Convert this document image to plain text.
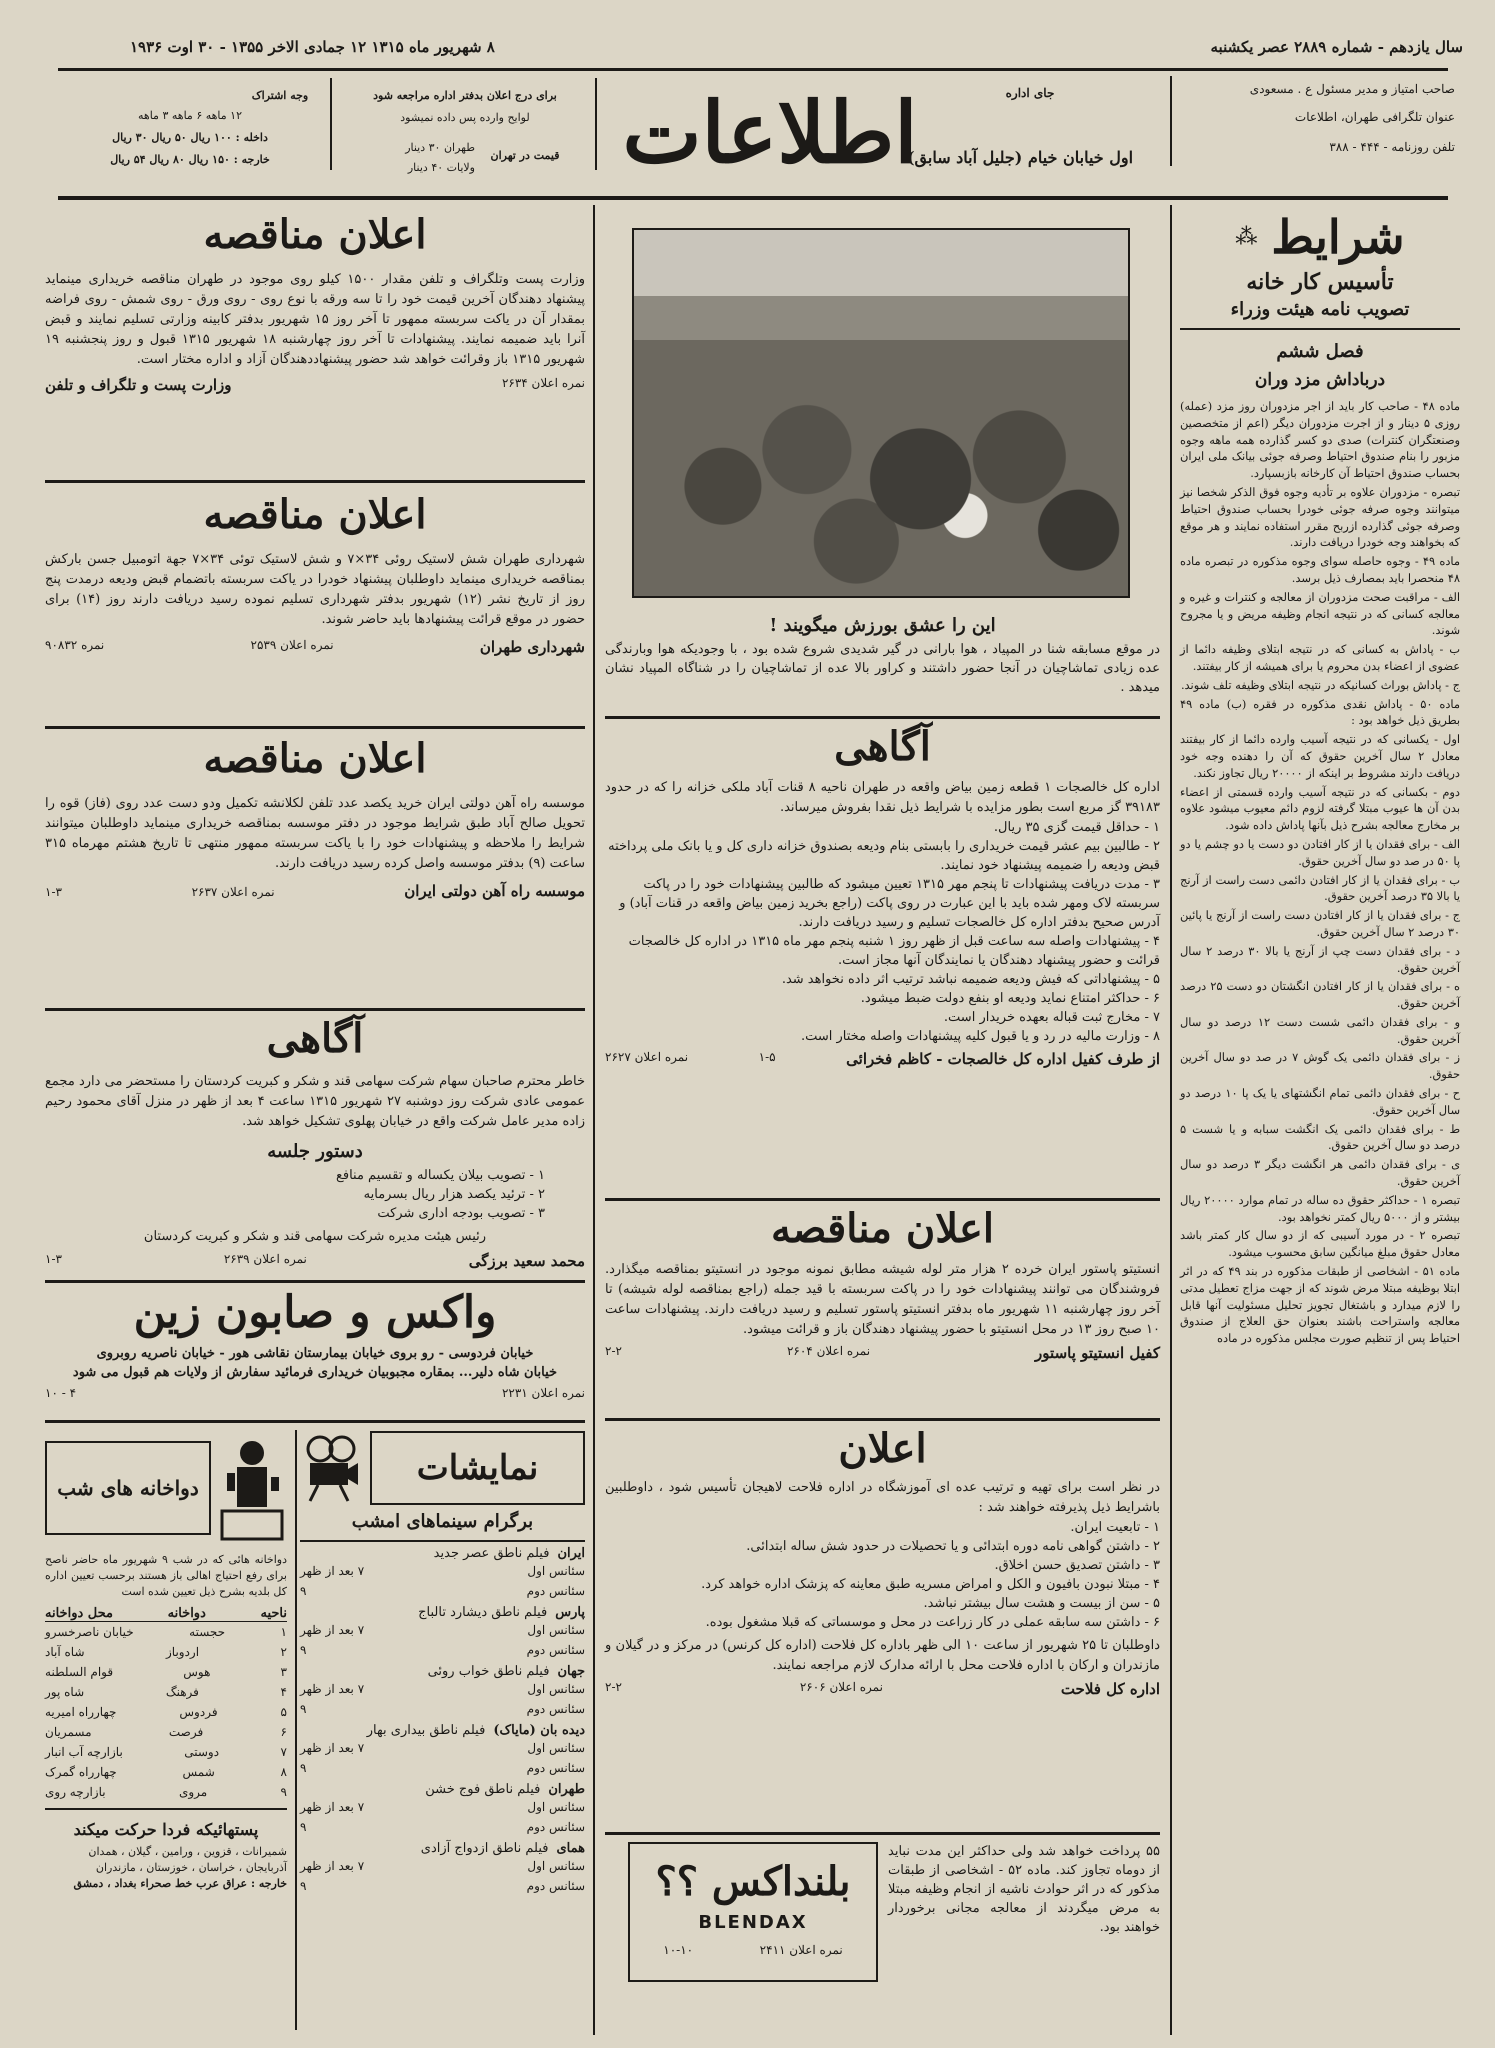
سال یازدهم - شماره ۲۸۸۹ عصر یکشنبه
۸ شهریور ماه ۱۳۱۵ ۱۲ جمادی الاخر ۱۳۵۵ - ۳۰ اوت ۱۹۳۶
صاحب امتیاز و مدیر مسئول ع . مسعودی
عنوان تلگرافی طهران، اطلاعات
تلفن روزنامه - ۴۴۴ - ۳۸۸
جای اداره
اول خیابان خیام (جلیل آباد سابق)
اطلاعات
برای درج اعلان بدفتر اداره مراجعه شود
لوایح وارده پس داده نمیشود
طهران ۳۰ دینار
ولایات ۴۰ دینار
قیمت در تهران
وجه اشتراک
۱۲ ماهه ۶ ماهه ۳ ماهه
داخله : ۱۰۰ ریال ۵۰ ریال ۳۰ ریال
خارجه : ۱۵۰ ریال ۸۰ ریال ۵۴ ریال
اعلان مناقصه
وزارت پست وتلگراف و تلفن مقدار ۱۵۰۰ کیلو روی موجود در طهران مناقصه خریداری مینماید پیشنهاد دهندگان آخرین قیمت خود را تا سه ورقه با نوع روی - روی ورق - روی شمش - روی فراضه بمقدار آن در یاکت سربسته ممهور تا آخر روز ۱۵ شهریور بدفتر کابینه وزارتی تسلیم نمایند و قبض آنرا باید ضمیمه نمایند. پیشنهادات تا آخر روز چهارشنبه ۱۸ شهریور ۱۳۱۵ قبول و روز پنجشنبه ۱۹ شهریور ۱۳۱۵ باز وقرائت خواهد شد حضور پیشنهاددهندگان آزاد و اداره مختار است.
نمره اعلان ۲۶۳۴
وزارت پست و تلگراف و تلفن
اعلان مناقصه
شهرداری طهران شش لاستیک روئی ۳۴×۷ و شش لاستیک توئی ۳۴×۷ جهة اتومبیل جسن بارکش بمناقصه خریداری مینماید داوطلبان پیشنهاد خودرا در یاکت سربسته باتضمام قبض ودیعه درمدت پنج روز از تاریخ نشر (۱۲) شهریور بدفتر شهرداری تسلیم نموده رسید دریافت دارند روز (۱۴) برای حضور در موقع قرائت پیشنهادها باید حاضر شوند.
شهرداری طهران
نمره اعلان ۲۵۳۹
نمره ۹۰۸۳۲
اعلان مناقصه
موسسه راه آهن دولتی ایران خرید یکصد عدد تلفن لکلانشه تکمیل ودو دست عدد روی (فاز) قوه را تحویل صالح آباد طبق شرایط موجود در دفتر موسسه بمناقصه خریداری مینماید داوطلبان میتوانند شرایط را ملاحظه و پیشنهادات خود را با یاکت سربسته ممهور منتهی تا تاریخ هشتم مهرماه ۳۱۵ ساعت (۹) بدفتر موسسه واصل کرده رسید دریافت دارند.
موسسه راه آهن دولتی ایران
نمره اعلان ۲۶۳۷
۱-۳
آگاهی
خاطر محترم صاحبان سهام شرکت سهامی قند و شکر و کبریت کردستان را مستحضر می دارد مجمع عمومی عادی شرکت روز دوشنبه ۲۷ شهریور ۱۳۱۵ ساعت ۴ بعد از ظهر در منزل آقای محمود رحیم زاده مدیر عامل شرکت واقع در خیابان پهلوی تشکیل خواهد شد.
دستور جلسه
۱ - تصویب بیلان یکساله و تقسیم منافع
۲ - ترئید یکصد هزار ریال بسرمایه
۳ - تصویب بودجه اداری شرکت
رئیس هیئت مدیره شرکت سهامی قند و شکر و کبریت کردستان
محمد سعید برزگی
نمره اعلان ۲۶۳۹
۱-۳
واکس و صابون زین
خیابان فردوسی - رو بروی خیابان بیمارستان نقاشی هور - خیابان ناصریه روبروی
خیابان شاه دلیر... بمقاره مجبوبیان خریداری فرمائید سفارش از ولایات هم قبول می شود
نمره اعلان ۲۲۳۱
۴ - ۱۰
نمایشات
برگرام سینماهای امشب
ایران
فیلم ناطق عصر جدید
سئانس اول
۷ بعد از ظهر
سئانس دوم
۹
پارس
فیلم ناطق دیشارد تالباج
سئانس اول
۷ بعد از ظهر
سئانس دوم
۹
جهان
فیلم ناطق خواب روئی
سئانس اول
۷ بعد از ظهر
سئانس دوم
۹
دیده بان (مایاک)
فیلم ناطق بیداری بهار
سئانس اول
۷ بعد از ظهر
سئانس دوم
۹
طهران
فیلم ناطق فوج خشن
سئانس اول
۷ بعد از ظهر
سئانس دوم
۹
همای
فیلم ناطق ازدواج آزادی
سئانس اول
۷ بعد از ظهر
سئانس دوم
۹
دواخانه های شب
دواخانه هائی که در شب ۹ شهریور ماه حاضر ناصح برای رفع احتیاج اهالی باز هستند برحسب تعیین اداره کل بلدیه بشرح ذیل تعیین شده است
ناحیه
دواخانه
محل دواخانه
۱
حجسته
خیابان ناصرخسرو
۲
اردوباز
شاه آباد
۳
هوس
قوام السلطنه
۴
فرهنگ
شاه پور
۵
فردوس
چهارراه امیریه
۶
فرصت
مسمریان
۷
دوستی
بازارچه آب انبار
۸
شمس
چهارراه گمرک
۹
مروی
بازارچه روی
پستهائیکه فردا حرکت میکند
شمیرانات ، قزوین ، ورامین ، گیلان ، همدان
آذربایجان ، خراسان ، خوزستان ، مازندران
خارجه : عراق عرب خط صحراء بغداد ، دمشق
این را عشق بورزش میگویند !
در موقع مسابقه شنا در المپیاد ، هوا بارانی در گیر شدیدی شروع شده بود ، با وجودیکه هوا وبارندگی عده زیادی تماشاچیان در آنجا حضور داشتند و کراور بالا عده از تماشاچیان را در شناگاه المپیاد نشان میدهد .
آگاهی
اداره کل خالصجات ۱ قطعه زمین بیاض واقعه در طهران ناحیه ۸ قنات آباد ملکی خزانه را که در حدود ۳۹۱۸۳ گز مربع است بطور مزایده با شرایط ذیل نقدا بفروش میرساند.
۱ - حداقل قیمت گزی ۳۵ ریال.
۲ - طالبین بیم عشر قیمت خریداری را بابستی بنام ودیعه بصندوق خزانه داری کل و یا بانک ملی پرداخته قبض ودیعه را ضمیمه پیشنهاد خود نمایند.
۳ - مدت دریافت پیشنهادات تا پنجم مهر ۱۳۱۵ تعیین میشود که طالبین پیشنهادات خود را در پاکت سربسته لاک ومهر شده باید با این عبارت در روی پاکت (راجع بخرید زمین بیاض واقعه در قنات آباد) و آدرس صحیح بدفتر اداره کل خالصجات تسلیم و رسید دریافت دارند.
۴ - پیشنهادات واصله سه ساعت قبل از ظهر روز ۱ شنبه پنجم مهر ماه ۱۳۱۵ در اداره کل خالصجات قرائت و حضور پیشنهاد دهندگان یا نمایندگان آنها مجاز است.
۵ - پیشنهاداتی که فیش ودیعه ضمیمه نباشد ترتیب اثر داده نخواهد شد.
۶ - حداکثر امتناع نماید ودیعه او بنفع دولت ضبط میشود.
۷ - مخارج ثبت قباله بعهده خریدار است.
۸ - وزارت مالیه در رد و یا قبول کلیه پیشنهادات واصله مختار است.
از طرف کفیل اداره کل خالصجات - کاظم فخرائی
۱-۵
نمره اعلان ۲۶۲۷
اعلان مناقصه
انستیتو پاستور ایران خرده ۲ هزار متر لوله شیشه مطابق نمونه موجود در انستیتو بمناقصه میگذارد. فروشندگان می توانند پیشنهادات خود را در پاکت سربسته با قید جمله (راجع بمناقصه لوله شیشه) تا آخر روز چهارشنبه ۱۱ شهریور ماه بدفتر انستیتو پاستور تسلیم و رسید دریافت دارند. پیشنهادات ساعت ۱۰ صبح روز ۱۳ در محل انستیتو با حضور پیشنهاد دهندگان باز و قرائت میشود.
کفیل انستیتو پاستور
نمره اعلان ۲۶۰۴
۲-۲
اعلان
در نظر است برای تهیه و ترتیب عده ای آموزشگاه در اداره فلاحت لاهیجان تأسیس شود ، داوطلبین باشرایط ذیل پذیرفته خواهند شد :
۱ - تابعیت ایران.
۲ - داشتن گواهی نامه دوره ابتدائی و یا تحصیلات در حدود شش ساله ابتدائی.
۳ - داشتن تصدیق حسن اخلاق.
۴ - مبتلا نبودن بافیون و الکل و امراض مسریه طبق معاینه که پزشک اداره خواهد کرد.
۵ - سن از بیست و هشت سال بیشتر نباشد.
۶ - داشتن سه سابقه عملی در کار زراعت در محل و موسساتی که قبلا مشغول بوده.
داوطلبان تا ۲۵ شهریور از ساعت ۱۰ الی ظهر باداره کل فلاحت (اداره کل کرنس) در مرکز و در گیلان و مازندران و ارکان با اداره فلاحت محل با ارائه مدارک لازم مراجعه نمایند.
اداره کل فلاحت
نمره اعلان ۲۶۰۶
۲-۲
بلنداکس ؟؟
BLENDAX
نمره اعلان ۲۴۱۱
۱۰-۱۰
۵۵ پرداخت خواهد شد ولی حداکثر این مدت نباید از دوماه تجاوز کند. ماده ۵۲ - اشخاصی از طبقات مذکور که در اثر حوادث ناشیه از انجام وظیفه مبتلا به مرض میگردند از معالجه مجانی برخوردار خواهند بود.
شرایط
⁂
تأسیس کار خانه
تصویب نامه هیئت وزراء
فصل ششم
درباداش مزد وران

ماده ۴۸ - صاحب کار باید از اجر مزدوران روز مزد (عمله) روزی ۵ دینار و از اجرت مزدوران دیگر (اعم از متخصصین وصنعتگران کنترات) صدی دو کسر گذارده همه ماهه وجوه مزبور را بنام صندوق احتیاط وصرفه جوئی بیانک ملی ایران بحساب صندوق احتیاط آن کارخانه بازبسپارد.

تبصره - مزدوران علاوه بر تأدیه وجوه فوق الذکر شخصا نیز میتوانند وجوه صرفه جوئی خودرا بحساب صندوق احتیاط وصرفه جوئی گذارده ازربح مقرر استفاده نمایند و هر موقع که بخواهند وجه خودرا دریافت دارند.

ماده ۴۹ - وجوه حاصله سوای وجوه مذکوره در تبصره ماده ۴۸ منحصرا باید بمصارف ذیل برسد.

الف - مراقبت صحت مزدوران از معالجه و کنترات و غیره و معالجه کسانی که در نتیجه انجام وظیفه مریض و یا مجروح شوند.

ب - پاداش به کسانی که در نتیجه ابتلای وظیفه دائما از عضوی از اعضاء بدن محروم یا برای همیشه از کار بیفتند.

ج - پاداش بوراث کسانیکه در نتیجه ابتلای وظیفه تلف شوند.

ماده ۵۰ - پاداش نقدی مذکوره در فقره (ب) ماده ۴۹ بطریق ذیل خواهد بود :

اول - یکسانی که در نتیجه آسیب وارده دائما از کار بیفتند معادل ۲ سال آخرین حقوق که آن را دهنده وجه خود دریافت دارند مشروط بر اینکه از ۲۰۰۰۰ ریال تجاوز نکند.

دوم - بکسانی که در نتیجه آسیب وارده قسمتی از اعضاء بدن آن ها عیوب مبتلا گرفته لزوم دائم معیوب میشود علاوه بر مخارج معالجه بشرح ذیل بآنها پاداش داده شود.

الف - برای فقدان یا از کار افتادن دو دست یا دو چشم یا دو پا ۵۰ در صد دو سال آخرین حقوق.

ب - برای فقدان یا از کار افتادن دائمی دست راست از آرنج یا بالا ۳۵ درصد آخرین حقوق.

ج - برای فقدان یا از کار افتادن دست راست از آرنج یا پائین ۳۰ درصد ۲ سال آخرین حقوق.

د - برای فقدان دست چپ از آرنج یا بالا ۳۰ درصد ۲ سال آخرین حقوق.

ه - برای فقدان یا از کار افتادن انگشتان دو دست ۲۵ درصد آخرین حقوق.

و - برای فقدان دائمی شست دست ۱۲ درصد دو سال آخرین حقوق.

ز - برای فقدان دائمی یک گوش ۷ در صد دو سال آخرین حقوق.

ح - برای فقدان دائمی تمام انگشتهای یا یک پا ۱۰ درصد دو سال آخرین حقوق.

ط - برای فقدان دائمی یک انگشت سبابه و یا شست ۵ درصد دو سال آخرین حقوق.

ی - برای فقدان دائمی هر انگشت دیگر ۳ درصد دو سال آخرین حقوق.

تبصره ۱ - حداکثر حقوق ده ساله در تمام موارد ۲۰۰۰۰ ریال بیشتر و از ۵۰۰۰ ریال کمتر نخواهد بود.

تبصره ۲ - در مورد آسیبی که از دو سال کار کمتر باشد معادل حقوق مبلغ میانگین سابق محسوب میشود.

ماده ۵۱ - اشخاصی از طبقات مذکوره در بند ۴۹ که در اثر ابتلا بوظیفه مبتلا مرض شوند که از جهت مزاج تعطیل مدتی را لازم میدارد و باشتغال تجویز تحلیل مسئولیت آنها قابل معالجه واستراحت باشند بعنوان حق العلاج از صندوق احتیاط پس از تنظیم صورت مجلس مذکوره در ماده
